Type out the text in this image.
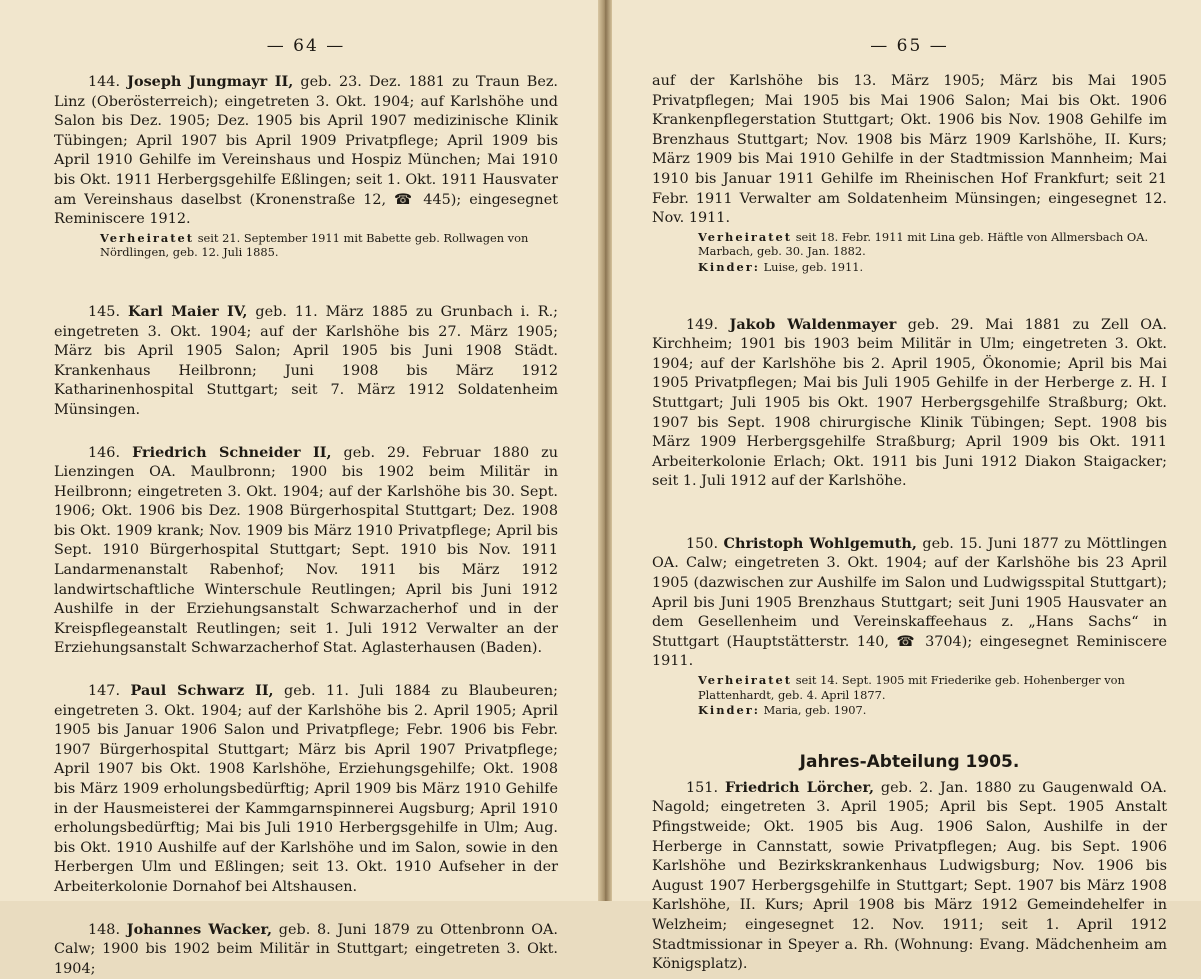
— 64 —

144. Joseph Jungmayr II, geb. 23. Dez. 1881 zu Traun Bez. Linz (Oberösterreich); eingetreten 3. Okt. 1904; auf Karlshöhe und Salon bis Dez. 1905; Dez. 1905 bis April 1907 medizinische Klinik Tübingen; April 1907 bis April 1909 Privatpflege; April 1909 bis April 1910 Gehilfe im Vereinshaus und Hospiz München; Mai 1910 bis Okt. 1911 Herbergsgehilfe Eßlingen; seit 1. Okt. 1911 Hausvater am Vereinshaus daselbst (Kronenstraße 12, ☎ 445); eingesegnet Reminiscere 1912.

Verheiratet seit 21. September 1911 mit Babette geb. Rollwagen von Nördlingen, geb. 12. Juli 1885.

145. Karl Maier IV, geb. 11. März 1885 zu Grunbach i. R.; eingetreten 3. Okt. 1904; auf der Karlshöhe bis 27. März 1905; März bis April 1905 Salon; April 1905 bis Juni 1908 Städt. Krankenhaus Heilbronn; Juni 1908 bis März 1912 Katharinenhospital Stuttgart; seit 7. März 1912 Soldatenheim Münsingen.

146. Friedrich Schneider II, geb. 29. Februar 1880 zu Lienzingen OA. Maulbronn; 1900 bis 1902 beim Militär in Heilbronn; eingetreten 3. Okt. 1904; auf der Karlshöhe bis 30. Sept. 1906; Okt. 1906 bis Dez. 1908 Bürgerhospital Stuttgart; Dez. 1908 bis Okt. 1909 krank; Nov. 1909 bis März 1910 Privatpflege; April bis Sept. 1910 Bürgerhospital Stuttgart; Sept. 1910 bis Nov. 1911 Landarmenanstalt Rabenhof; Nov. 1911 bis März 1912 landwirtschaftliche Winterschule Reutlingen; April bis Juni 1912 Aushilfe in der Erziehungsanstalt Schwarzacherhof und in der Kreispflegeanstalt Reutlingen; seit 1. Juli 1912 Verwalter an der Erziehungsanstalt Schwarzacherhof Stat. Aglasterhausen (Baden).

147. Paul Schwarz II, geb. 11. Juli 1884 zu Blaubeuren; eingetreten 3. Okt. 1904; auf der Karlshöhe bis 2. April 1905; April 1905 bis Januar 1906 Salon und Privatpflege; Febr. 1906 bis Febr. 1907 Bürgerhospital Stuttgart; März bis April 1907 Privatpflege; April 1907 bis Okt. 1908 Karlshöhe, Erziehungsgehilfe; Okt. 1908 bis März 1909 erholungsbedürftig; April 1909 bis März 1910 Gehilfe in der Hausmeisterei der Kammgarnspinnerei Augsburg; April 1910 erholungsbedürftig; Mai bis Juli 1910 Herbergsgehilfe in Ulm; Aug. bis Okt. 1910 Aushilfe auf der Karlshöhe und im Salon, sowie in den Herbergen Ulm und Eßlingen; seit 13. Okt. 1910 Aufseher in der Arbeiterkolonie Dornahof bei Altshausen.

148. Johannes Wacker, geb. 8. Juni 1879 zu Ottenbronn OA. Calw; 1900 bis 1902 beim Militär in Stuttgart; eingetreten 3. Okt. 1904;

— 65 —

auf der Karlshöhe bis 13. März 1905; März bis Mai 1905 Privatpflegen; Mai 1905 bis Mai 1906 Salon; Mai bis Okt. 1906 Krankenpflegerstation Stuttgart; Okt. 1906 bis Nov. 1908 Gehilfe im Brenzhaus Stuttgart; Nov. 1908 bis März 1909 Karlshöhe, II. Kurs; März 1909 bis Mai 1910 Gehilfe in der Stadtmission Mannheim; Mai 1910 bis Januar 1911 Gehilfe im Rheinischen Hof Frankfurt; seit 21 Febr. 1911 Verwalter am Soldatenheim Münsingen; eingesegnet 12. Nov. 1911.

Verheiratet seit 18. Febr. 1911 mit Lina geb. Häftle von Allmersbach OA. Marbach, geb. 30. Jan. 1882.
Kinder: Luise, geb. 1911.

149. Jakob Waldenmayer geb. 29. Mai 1881 zu Zell OA. Kirchheim; 1901 bis 1903 beim Militär in Ulm; eingetreten 3. Okt. 1904; auf der Karlshöhe bis 2. April 1905, Ökonomie; April bis Mai 1905 Privatpflegen; Mai bis Juli 1905 Gehilfe in der Herberge z. H. I Stuttgart; Juli 1905 bis Okt. 1907 Herbergsgehilfe Straßburg; Okt. 1907 bis Sept. 1908 chirurgische Klinik Tübingen; Sept. 1908 bis März 1909 Herbergsgehilfe Straßburg; April 1909 bis Okt. 1911 Arbeiterkolonie Erlach; Okt. 1911 bis Juni 1912 Diakon Staigacker; seit 1. Juli 1912 auf der Karlshöhe.

150. Christoph Wohlgemuth, geb. 15. Juni 1877 zu Möttlingen OA. Calw; eingetreten 3. Okt. 1904; auf der Karlshöhe bis 23 April 1905 (dazwischen zur Aushilfe im Salon und Ludwigsspital Stuttgart); April bis Juni 1905 Brenzhaus Stuttgart; seit Juni 1905 Hausvater an dem Gesellenheim und Vereinskaffeehaus z. „Hans Sachs“ in Stuttgart (Hauptstätterstr. 140, ☎ 3704); eingesegnet Reminiscere 1911.

Verheiratet seit 14. Sept. 1905 mit Friederike geb. Hohenberger von Plattenhardt, geb. 4. April 1877.
Kinder: Maria, geb. 1907.
Jahres-Abteilung 1905.

151. Friedrich Lörcher, geb. 2. Jan. 1880 zu Gaugenwald OA. Nagold; eingetreten 3. April 1905; April bis Sept. 1905 Anstalt Pfingstweide; Okt. 1905 bis Aug. 1906 Salon, Aushilfe in der Herberge in Cannstatt, sowie Privatpflegen; Aug. bis Sept. 1906 Karlshöhe und Bezirkskrankenhaus Ludwigsburg; Nov. 1906 bis August 1907 Herbergsgehilfe in Stuttgart; Sept. 1907 bis März 1908 Karlshöhe, II. Kurs; April 1908 bis März 1912 Gemeindehelfer in Welzheim; eingesegnet 12. Nov. 1911; seit 1. April 1912 Stadtmissionar in Speyer a. Rh. (Wohnung: Evang. Mädchenheim am Königsplatz).
